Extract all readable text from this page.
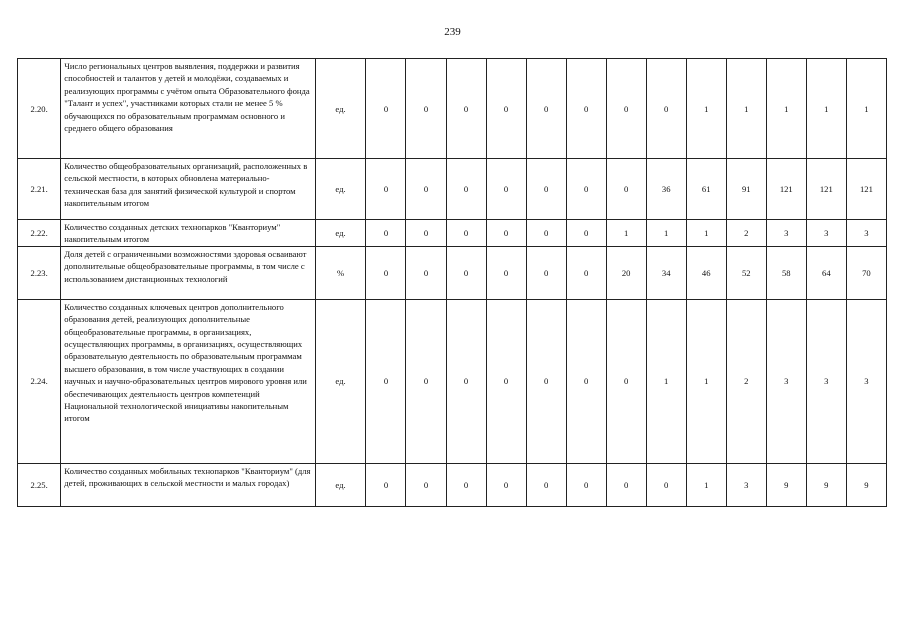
239
2.20.	Число региональных центров выявления, поддержки и развития способностей и талантов у детей и молодёжи, создаваемых и реализующих программы с учётом опыта Образовательного фонда "Талант и успех", участниками которых стали не менее 5 % обучающихся по образовательным программам основного и среднего общего образования	ед.	0	0	0	0	0	0	0	0	1	1	1	1	1
2.21.	Количество общеобразовательных организаций, расположенных в сельской местности, в которых обновлена материально-техническая база для занятий физической культурой и спортом накопительным итогом	ед.	0	0	0	0	0	0	0	36	61	91	121	121	121
2.22.	Количество созданных детских технопарков "Кванториум" накопительным итогом	ед.	0	0	0	0	0	0	1	1	1	2	3	3	3
2.23.	Доля детей с ограниченными возможностями здоровья осваивают дополнительные общеобразовательные программы, в том числе с использованием дистанционных технологий	%	0	0	0	0	0	0	20	34	46	52	58	64	70
2.24.	Количество созданных ключевых центров дополнительного образования детей, реализующих дополнительные общеобразовательные программы, в организациях, осуществляющих программы, в организациях, осуществляющих образовательную деятельность по образовательным программам высшего образования, в том числе участвующих в создании научных и научно-образовательных центров мирового уровня или обеспечивающих деятельность центров компетенций Национальной технологической инициативы накопительным итогом	ед.	0	0	0	0	0	0	0	1	1	2	3	3	3
2.25.	Количество созданных мобильных технопарков "Кванториум" (для детей, проживающих в сельской местности и малых городах)	ед.	0	0	0	0	0	0	0	0	1	3	9	9	9
